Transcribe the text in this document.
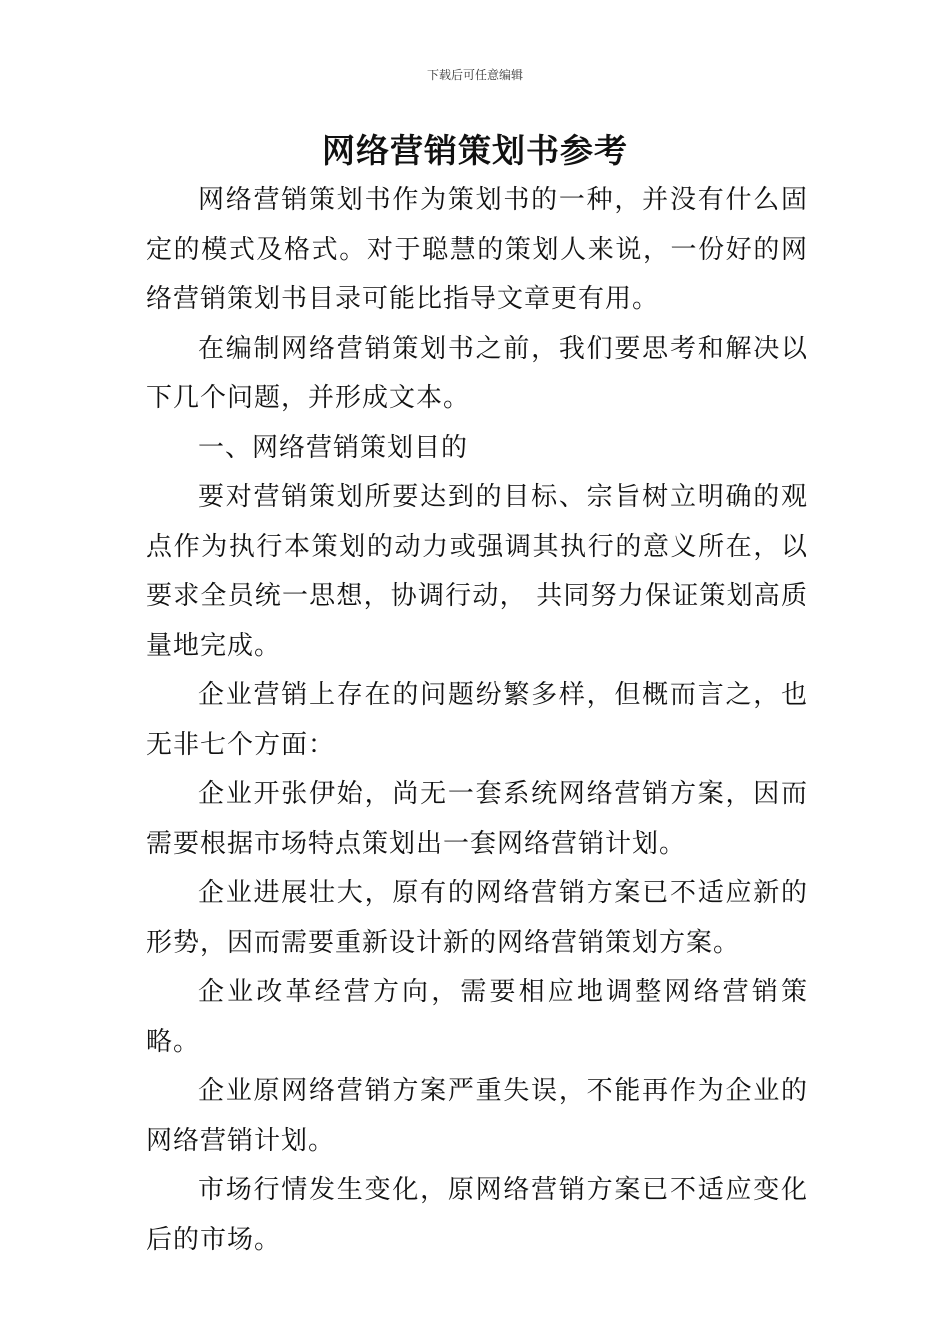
下载后可任意编辑
网络营销策划书参考

网络营销策划书作为策划书的一种，并没有什么固定的模式及格式。对于聪慧的策划人来说，一份好的网络营销策划书目录可能比指导文章更有用。

在编制网络营销策划书之前，我们要思考和解决以下几个问题，并形成文本。

一、网络营销策划目的

要对营销策划所要达到的目标、宗旨树立明确的观点作为执行本策划的动力或强调其执行的意义所在，以要求全员统一思想，协调行动， 共同努力保证策划高质量地完成。

企业营销上存在的问题纷繁多样，但概而言之，也无非七个方面：

企业开张伊始，尚无一套系统网络营销方案，因而需要根据市场特点策划出一套网络营销计划。

企业进展壮大，原有的网络营销方案已不适应新的形势，因而需要重新设计新的网络营销策划方案。

企业改革经营方向，需要相应地调整网络营销策略。

企业原网络营销方案严重失误，不能再作为企业的网络营销计划。

市场行情发生变化，原网络营销方案已不适应变化后的市场。
